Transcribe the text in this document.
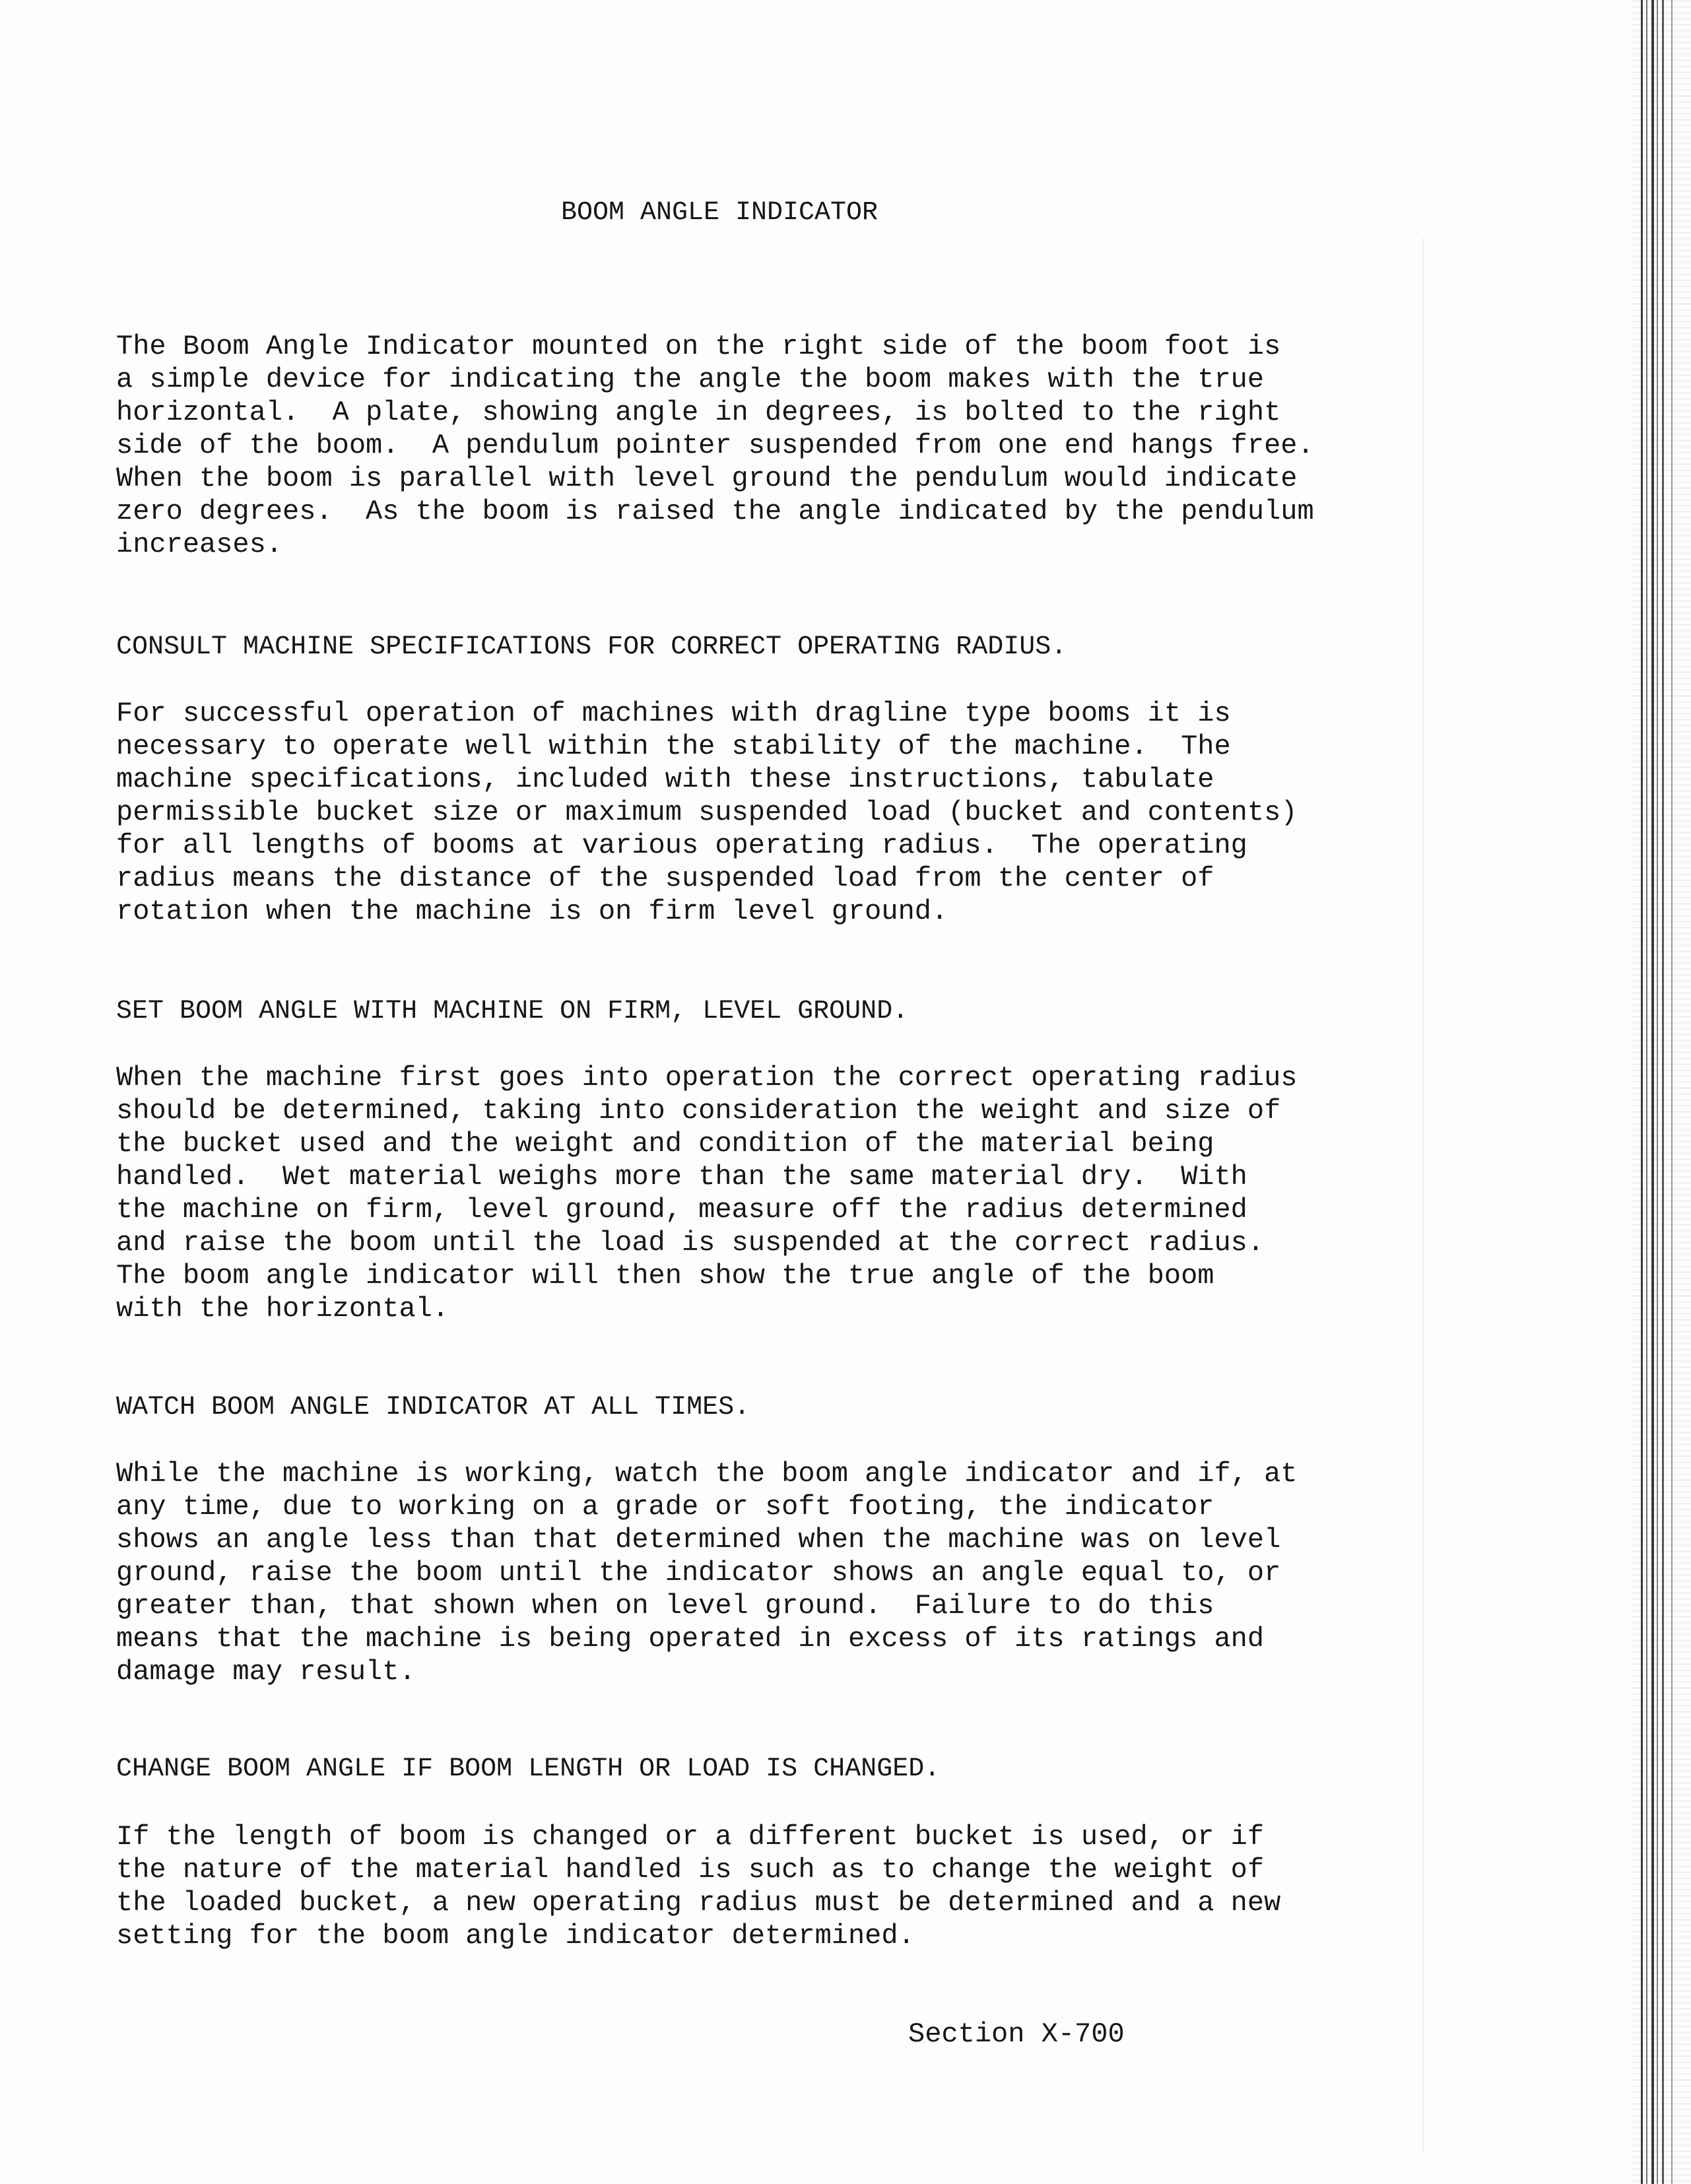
BOOM ANGLE INDICATOR
The Boom Angle Indicator mounted on the right side of the boom foot is
a simple device for indicating the angle the boom makes with the true
horizontal.  A plate, showing angle in degrees, is bolted to the right
side of the boom.  A pendulum pointer suspended from one end hangs free.
When the boom is parallel with level ground the pendulum would indicate
zero degrees.  As the boom is raised the angle indicated by the pendulum
increases.
CONSULT MACHINE SPECIFICATIONS FOR CORRECT OPERATING RADIUS.
For successful operation of machines with dragline type booms it is
necessary to operate well within the stability of the machine.  The
machine specifications, included with these instructions, tabulate
permissible bucket size or maximum suspended load (bucket and contents)
for all lengths of booms at various operating radius.  The operating
radius means the distance of the suspended load from the center of
rotation when the machine is on firm level ground.
SET BOOM ANGLE WITH MACHINE ON FIRM, LEVEL GROUND.
When the machine first goes into operation the correct operating radius
should be determined, taking into consideration the weight and size of
the bucket used and the weight and condition of the material being
handled.  Wet material weighs more than the same material dry.  With
the machine on firm, level ground, measure off the radius determined
and raise the boom until the load is suspended at the correct radius.
The boom angle indicator will then show the true angle of the boom
with the horizontal.
WATCH BOOM ANGLE INDICATOR AT ALL TIMES.
While the machine is working, watch the boom angle indicator and if, at
any time, due to working on a grade or soft footing, the indicator
shows an angle less than that determined when the machine was on level
ground, raise the boom until the indicator shows an angle equal to, or
greater than, that shown when on level ground.  Failure to do this
means that the machine is being operated in excess of its ratings and
damage may result.
CHANGE BOOM ANGLE IF BOOM LENGTH OR LOAD IS CHANGED.
If the length of boom is changed or a different bucket is used, or if
the nature of the material handled is such as to change the weight of
the loaded bucket, a new operating radius must be determined and a new
setting for the boom angle indicator determined.
Section X-700
